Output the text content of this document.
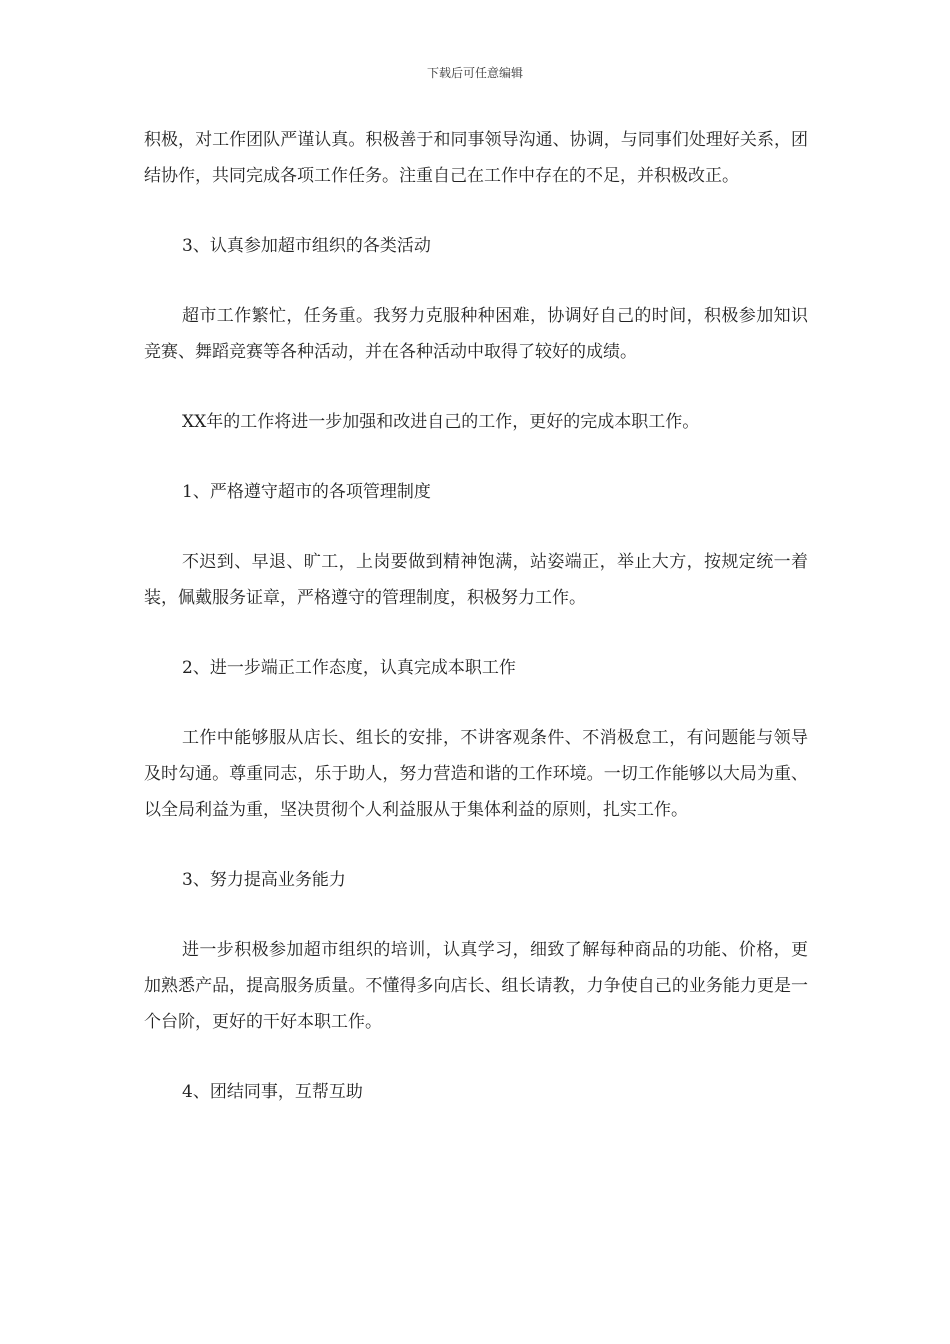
下载后可任意编辑

积极，对工作团队严谨认真。积极善于和同事领导沟通、协调，与同事们处理好关系，团结协作，共同完成各项工作任务。注重自己在工作中存在的不足，并积极改正。

3、认真参加超市组织的各类活动

超市工作繁忙，任务重。我努力克服种种困难，协调好自己的时间，积极参加知识竞赛、舞蹈竞赛等各种活动，并在各种活动中取得了较好的成绩。

XX年的工作将进一步加强和改进自己的工作，更好的完成本职工作。

1、严格遵守超市的各项管理制度

不迟到、早退、旷工，上岗要做到精神饱满，站姿端正，举止大方，按规定统一着装，佩戴服务证章，严格遵守的管理制度，积极努力工作。

2、进一步端正工作态度，认真完成本职工作

工作中能够服从店长、组长的安排，不讲客观条件、不消极怠工，有问题能与领导及时勾通。尊重同志，乐于助人，努力营造和谐的工作环境。一切工作能够以大局为重、以全局利益为重，坚决贯彻个人利益服从于集体利益的原则，扎实工作。

3、努力提高业务能力

进一步积极参加超市组织的培训，认真学习，细致了解每种商品的功能、价格，更加熟悉产品，提高服务质量。不懂得多向店长、组长请教，力争使自己的业务能力更是一个台阶，更好的干好本职工作。

4、团结同事，互帮互助
